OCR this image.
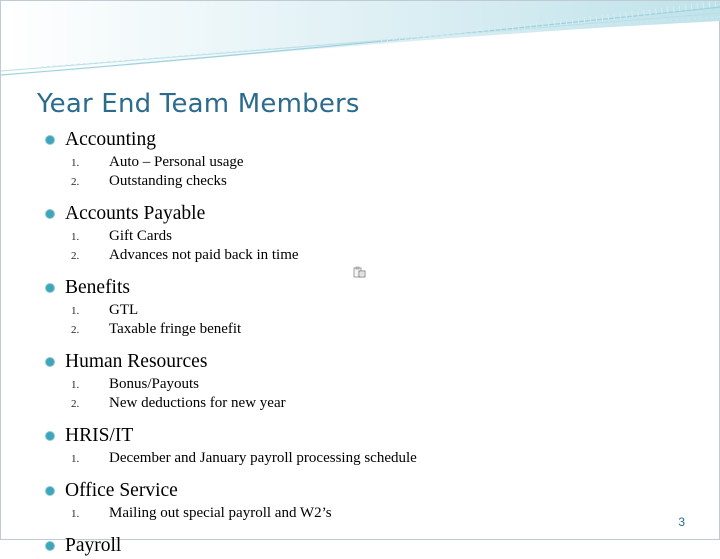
Year End Team Members
Accounting
1.	Auto – Personal usage
2.	Outstanding checks
Accounts Payable
1.	Gift Cards
2.	Advances not paid back in time
Benefits
1.	GTL
2.	Taxable fringe benefit
Human Resources
1.	Bonus/Payouts
2.	New deductions for new year
HRIS/IT
1.	December and January payroll processing schedule
Office Service
1.	Mailing out special payroll and W2’s
Payroll
3
